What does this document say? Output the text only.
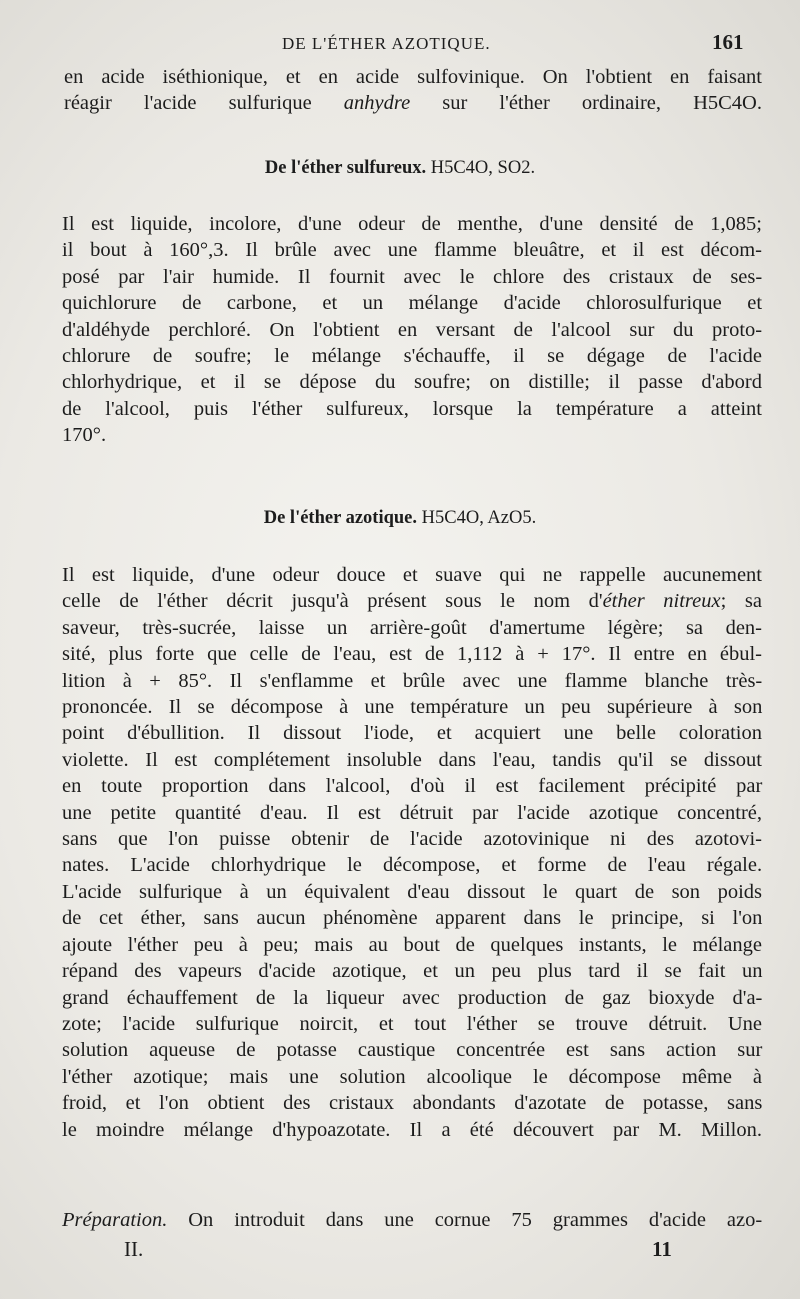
DE L'ÉTHER AZOTIQUE.	161
en acide iséthionique, et en acide sulfovinique. On l'obtient en faisant
réagir l'acide sulfurique anhydre sur l'éther ordinaire, H5C4O.
De l'éther sulfureux. H5C4O, SO2.
Il est liquide, incolore, d'une odeur de menthe, d'une densité de 1,085;
il bout à 160°,3. Il brûle avec une flamme bleuâtre, et il est décom-
posé par l'air humide. Il fournit avec le chlore des cristaux de ses-
quichlorure de carbone, et un mélange d'acide chlorosulfurique et
d'aldéhyde perchloré. On l'obtient en versant de l'alcool sur du proto-
chlorure de soufre; le mélange s'échauffe, il se dégage de l'acide
chlorhydrique, et il se dépose du soufre; on distille; il passe d'abord
de l'alcool, puis l'éther sulfureux, lorsque la température a atteint
170°.
De l'éther azotique. H5C4O, AzO5.
Il est liquide, d'une odeur douce et suave qui ne rappelle aucunement
celle de l'éther décrit jusqu'à présent sous le nom d'éther nitreux; sa
saveur, très-sucrée, laisse un arrière-goût d'amertume légère; sa den-
sité, plus forte que celle de l'eau, est de 1,112 à + 17°. Il entre en ébul-
lition à + 85°. Il s'enflamme et brûle avec une flamme blanche très-
prononcée. Il se décompose à une température un peu supérieure à son
point d'ébullition. Il dissout l'iode, et acquiert une belle coloration
violette. Il est complétement insoluble dans l'eau, tandis qu'il se dissout
en toute proportion dans l'alcool, d'où il est facilement précipité par
une petite quantité d'eau. Il est détruit par l'acide azotique concentré,
sans que l'on puisse obtenir de l'acide azotovinique ni des azotovi-
nates. L'acide chlorhydrique le décompose, et forme de l'eau régale.
L'acide sulfurique à un équivalent d'eau dissout le quart de son poids
de cet éther, sans aucun phénomène apparent dans le principe, si l'on
ajoute l'éther peu à peu; mais au bout de quelques instants, le mélange
répand des vapeurs d'acide azotique, et un peu plus tard il se fait un
grand échauffement de la liqueur avec production de gaz bioxyde d'a-
zote; l'acide sulfurique noircit, et tout l'éther se trouve détruit. Une
solution aqueuse de potasse caustique concentrée est sans action sur
l'éther azotique; mais une solution alcoolique le décompose même à
froid, et l'on obtient des cristaux abondants d'azotate de potasse, sans
le moindre mélange d'hypoazotate. Il a été découvert par M. Millon.
Préparation. On introduit dans une cornue 75 grammes d'acide azo-
II.	11
